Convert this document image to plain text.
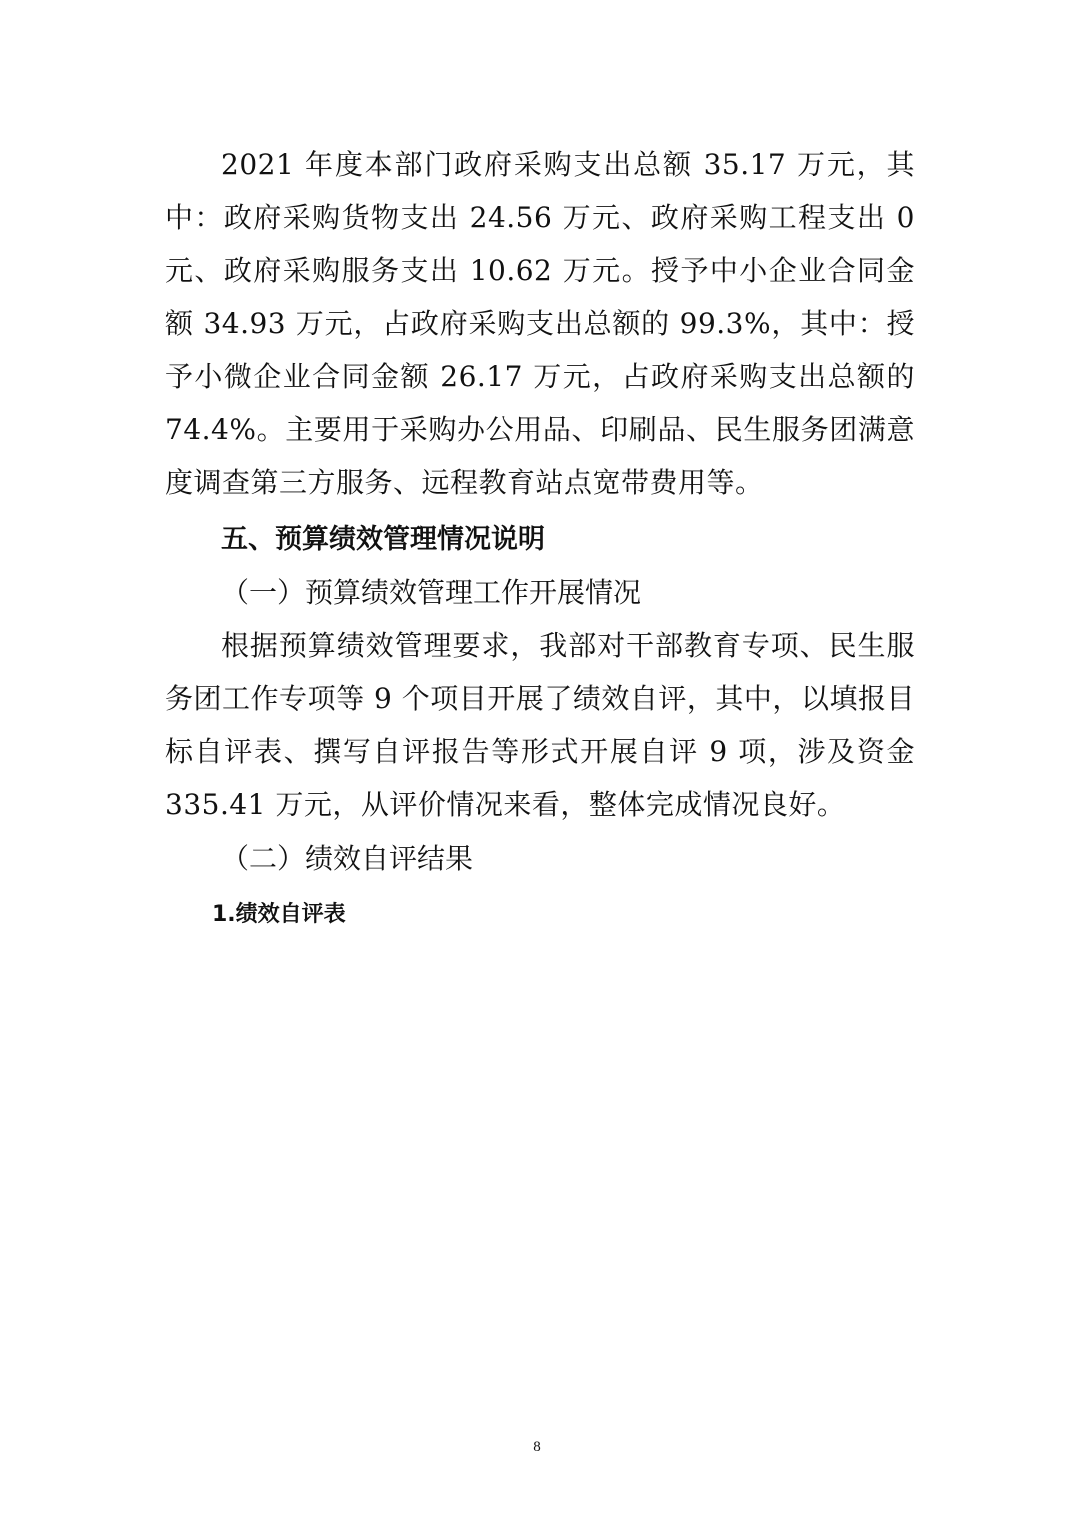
2021 年度本部门政府采购支出总额 35.17 万元，其中：政府采购货物支出 24.56 万元、政府采购工程支出 0 元、政府采购服务支出 10.62 万元。授予中小企业合同金额 34.93 万元，占政府采购支出总额的 99.3%，其中：授予小微企业合同金额 26.17 万元，占政府采购支出总额的 74.4%。主要用于采购办公用品、印刷品、民生服务团满意度调查第三方服务、远程教育站点宽带费用等。

五、预算绩效管理情况说明

（一）预算绩效管理工作开展情况

根据预算绩效管理要求，我部对干部教育专项、民生服务团工作专项等 9 个项目开展了绩效自评，其中，以填报目标自评表、撰写自评报告等形式开展自评 9 项，涉及资金 335.41 万元，从评价情况来看，整体完成情况良好。

（二）绩效自评结果

1.绩效自评表

8
